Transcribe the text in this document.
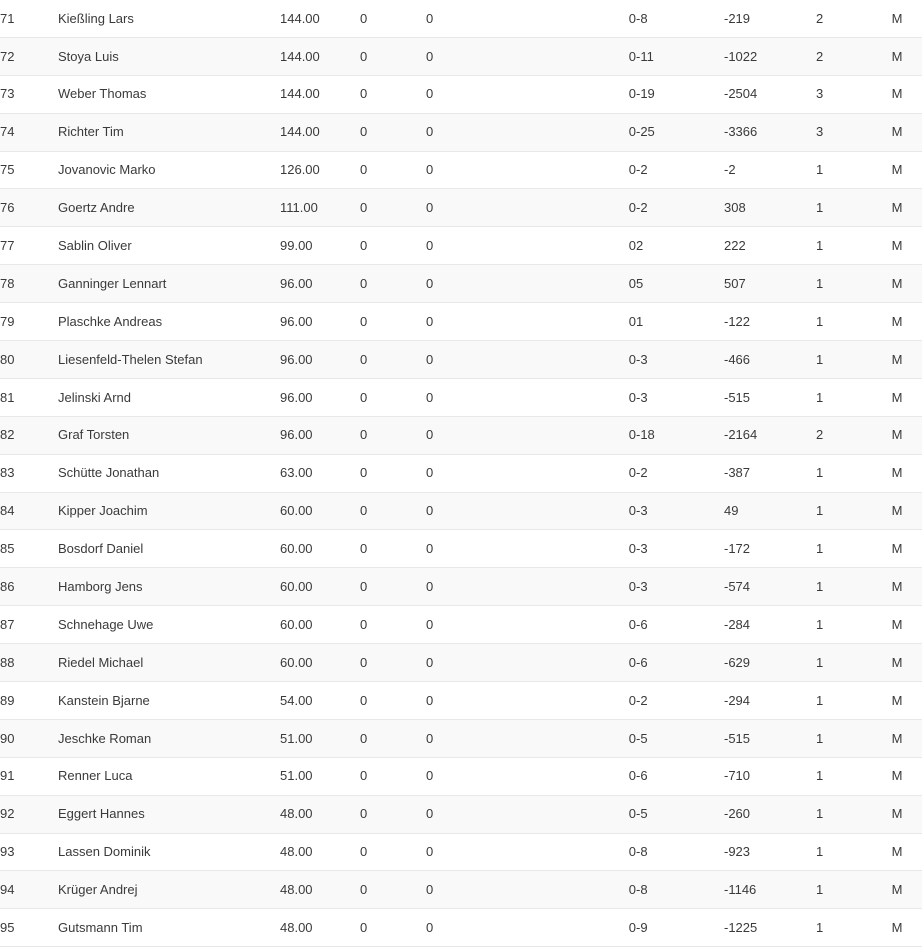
71	Kießling Lars	144.00	0	0	0	-8	-219	2	M
72	Stoya Luis	144.00	0	0	0	-11	-1022	2	M
73	Weber Thomas	144.00	0	0	0	-19	-2504	3	M
74	Richter Tim	144.00	0	0	0	-25	-3366	3	M
75	Jovanovic Marko	126.00	0	0	0	-2	-2	1	M
76	Goertz Andre	111.00	0	0	0	-2	308	1	M
77	Sablin Oliver	99.00	0	0	0	2	222	1	M
78	Ganninger Lennart	96.00	0	0	0	5	507	1	M
79	Plaschke Andreas	96.00	0	0	0	1	-122	1	M
80	Liesenfeld-Thelen Stefan	96.00	0	0	0	-3	-466	1	M
81	Jelinski Arnd	96.00	0	0	0	-3	-515	1	M
82	Graf Torsten	96.00	0	0	0	-18	-2164	2	M
83	Schütte Jonathan	63.00	0	0	0	-2	-387	1	M
84	Kipper Joachim	60.00	0	0	0	-3	49	1	M
85	Bosdorf Daniel	60.00	0	0	0	-3	-172	1	M
86	Hamborg Jens	60.00	0	0	0	-3	-574	1	M
87	Schnehage Uwe	60.00	0	0	0	-6	-284	1	M
88	Riedel Michael	60.00	0	0	0	-6	-629	1	M
89	Kanstein Bjarne	54.00	0	0	0	-2	-294	1	M
90	Jeschke Roman	51.00	0	0	0	-5	-515	1	M
91	Renner Luca	51.00	0	0	0	-6	-710	1	M
92	Eggert Hannes	48.00	0	0	0	-5	-260	1	M
93	Lassen Dominik	48.00	0	0	0	-8	-923	1	M
94	Krüger Andrej	48.00	0	0	0	-8	-1146	1	M
95	Gutsmann Tim	48.00	0	0	0	-9	-1225	1	M
